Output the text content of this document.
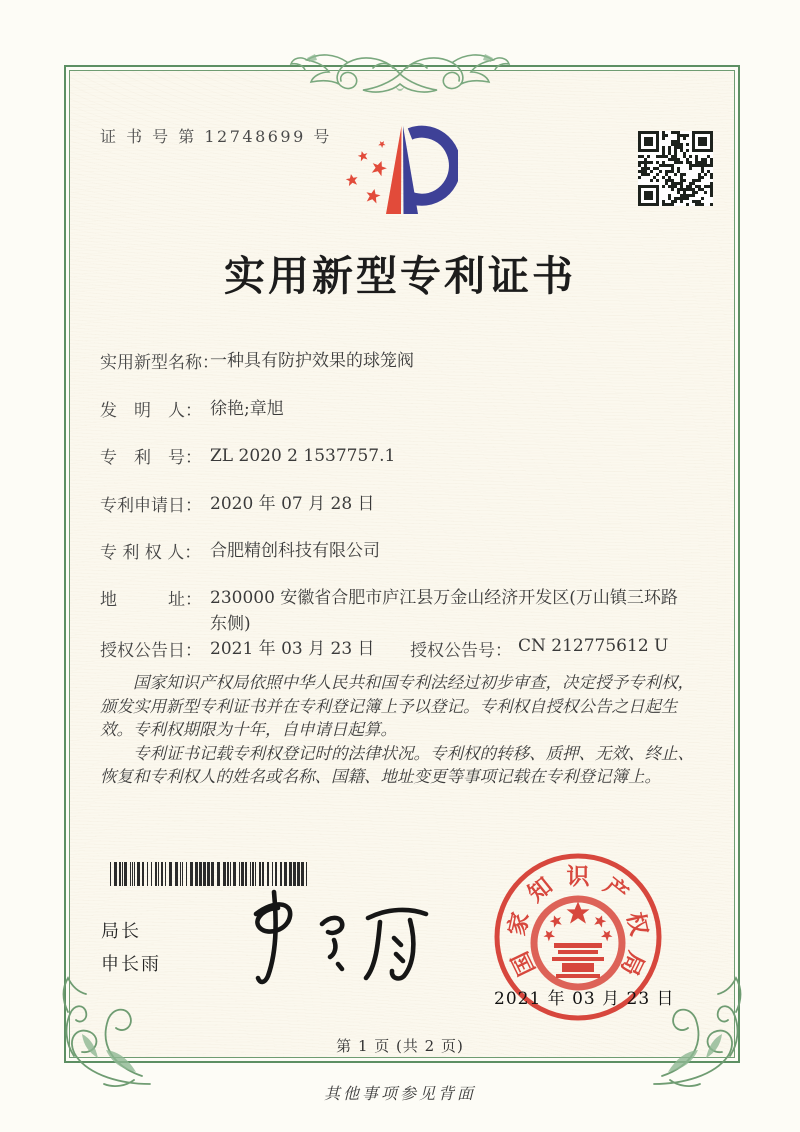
证 书 号 第 12748699 号
实用新型专利证书
实用新型名称：
一种具有防护效果的球笼阀
发　明　人： 徐艳;章旭
专　利　号： ZL 2020 2 1537757.1
专利申请日： 2020 年 07 月 28 日
专 利 权 人： 合肥精创科技有限公司
地　　　址： 230000 安徽省合肥市庐江县万金山经济开发区(万山镇三环路东侧)
授权公告日： 2021 年 03 月 23 日	授权公告号： CN 212775612 U

国家知识产权局依照中华人民共和国专利法经过初步审查，决定授予专利权，颁发实用新型专利证书并在专利登记簿上予以登记。专利权自授权公告之日起生效。专利权期限为十年，自申请日起算。

专利证书记载专利权登记时的法律状况。专利权的转移、质押、无效、终止、恢复和专利权人的姓名或名称、国籍、地址变更等事项记载在专利登记簿上。

局长
申长雨	国
家
知 识 产
权
局
2021 年 03 月 23 日
第 1 页 (共 2 页)
其他事项参见背面
